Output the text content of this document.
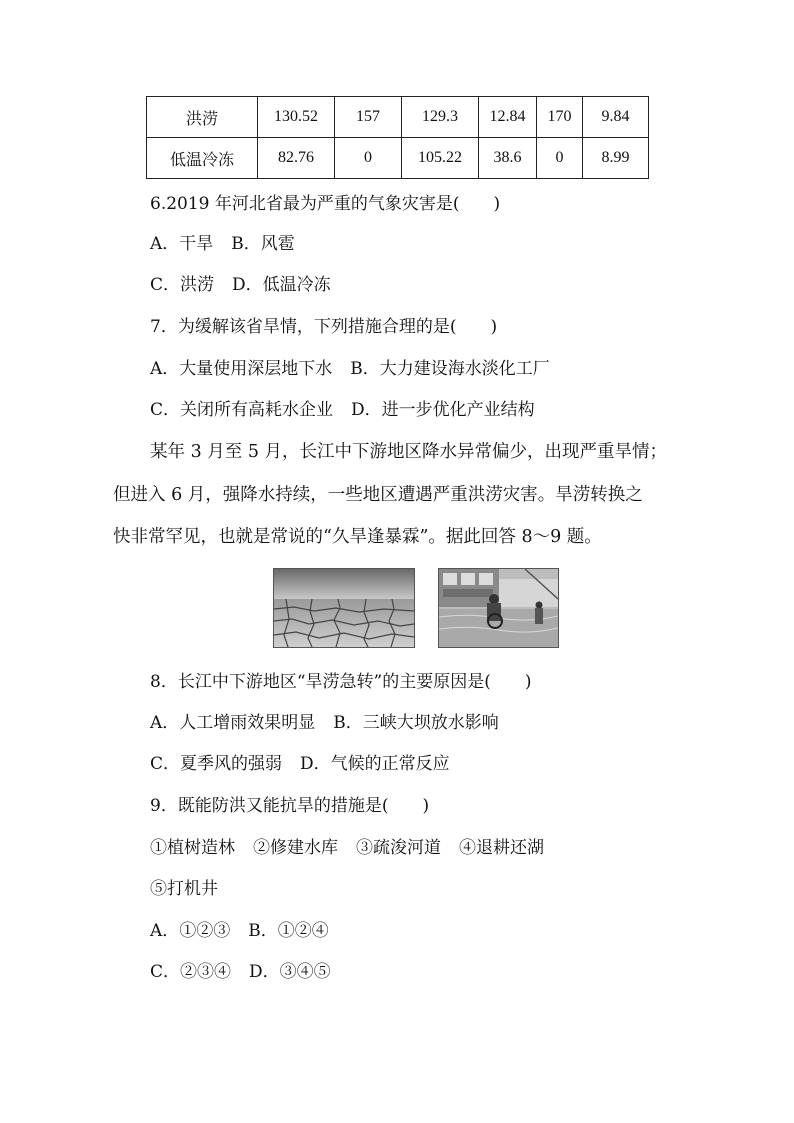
洪涝	130.52	157	129.3	12.84	170	9.84
低温冷冻	82.76	0	105.22	38.6	0	8.99
6.2019 年河北省最为严重的气象灾害是(　　)
A．干旱 B．风雹
C．洪涝 D．低温冷冻
7．为缓解该省旱情，下列措施合理的是(　　)
A．大量使用深层地下水 B．大力建设海水淡化工厂
C．关闭所有高耗水企业 D．进一步优化产业结构
某年 3 月至 5 月，长江中下游地区降水异常偏少，出现严重旱情；
但进入 6 月，强降水持续，一些地区遭遇严重洪涝灾害。旱涝转换之
快非常罕见，也就是常说的“久旱逢暴霖”。据此回答 8～9 题。
8．长江中下游地区“旱涝急转”的主要原因是(　　)
A．人工增雨效果明显 B．三峡大坝放水影响
C．夏季风的强弱 D．气候的正常反应
9．既能防洪又能抗旱的措施是(　　)
①植树造林 ②修建水库 ③疏浚河道 ④退耕还湖
⑤打机井
A．①②③ B．①②④
C．②③④ D．③④⑤
